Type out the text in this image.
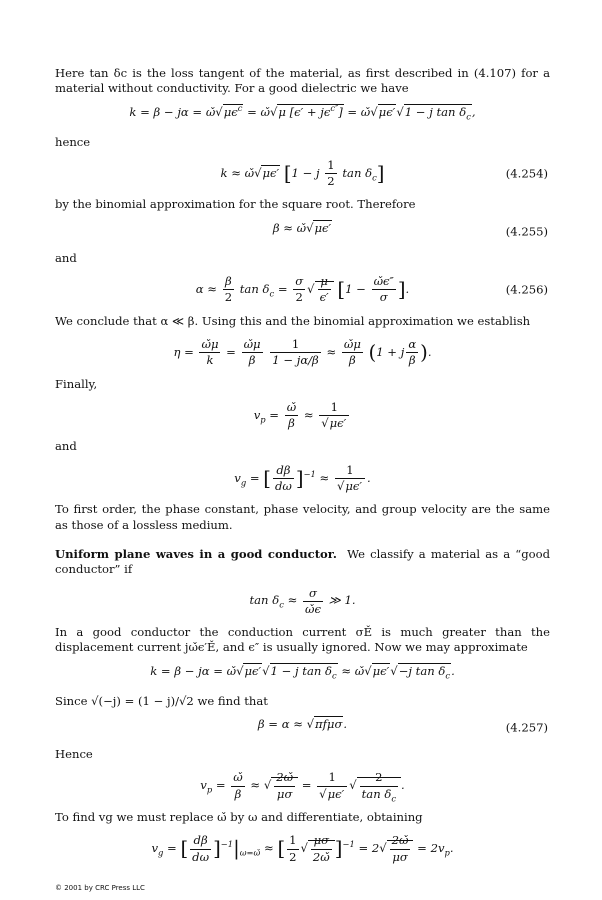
Here tan δc is the loss tangent of the material, as first described in (4.107) for a material without conductivity. For a good dielectric we have

$k = \beta - j\alpha = \omegǎ√\mu\epsilon^c$ = ω̌√μ $[\epsilon' + j\epsilon^{c''}]$ = ω̌√μϵ′√1 − j $\tan \delta_c$,

hence

k ≈ ω̌√μϵ′ [1 − j $\frac{1}{2}$ $\tan \delta_c$]	(4.254)

by the binomial approximation for the square root. Therefore

β ≈ ω̌√μϵ′	(4.255)

and

$\alpha \approx \frac{\beta}{2}$ $\tan \delta_c = \frac{\sigma}{2}$ √ $\frac{\mu}{\epsilon'} [1 - \frac{\omegǎ\epsilon''}{\sigma}$ ].	(4.256)

We conclude that α ≪ β. Using this and the binomial approximation we establish

$\eta = \frac{\omegǎ\mu}{k} = \frac{\omegǎ\mu}{\beta}$
$\frac{1}{1 - j\alpha/\beta} \approx \frac{\omegǎ\mu}{\beta} (1 + j \frac{\alpha}{\beta}$ ).

Finally,

$v_p = \frac{\omegǎ}{\beta} \approx \frac{1}{√\mu\epsilon'}$

and

$v_g$ = [ $\frac{d\beta}{d\omega} ]^{-1} \approx \frac{1}{√\mu\epsilon'}$ .

To first order, the phase constant, phase velocity, and group velocity are the same as those of a lossless medium.

Uniform plane waves in a good conductor. We classify a material as a “good conductor” if

$\tan \delta_c \approx \frac{\sigma}{\omegǎ\epsilon}$ ≫ 1.

In a good conductor the conduction current σĚ is much greater than the displacement current jω̌ϵ′Ě, and ϵ″ is usually ignored. Now we may approximate

k = β − jα = ω̌√μϵ′√1 − j $\tan \delta_c$ ≈ ω̌√μϵ′√−j $\tan \delta_c$.

Since √(−j) = (1 − j)/√2 we find that

β = α ≈ √πfμσ.	(4.257)

Hence

$v_p = \frac{\omegǎ}{\beta}$ ≈ √ $\frac{2\omegǎ}{\mu\sigma} = \frac{1}{√\mu\epsilon'}$ √ $\frac{2}{\tan \delta_c}$ .

To find vg we must replace ω̌ by ω and differentiate, obtaining

$v_g$ = [ $\frac{d\beta}{d\omega} ]^{-1}|_{\omega=\omegǎ}$ ≈ [ $\frac{1}{2}$ √ $\frac{\mu\sigma}{2\omegǎ} ]^{-1} = 2√ \frac{2\omegǎ}{\mu\sigma} = 2v_p$.
© 2001 by CRC Press LLC
